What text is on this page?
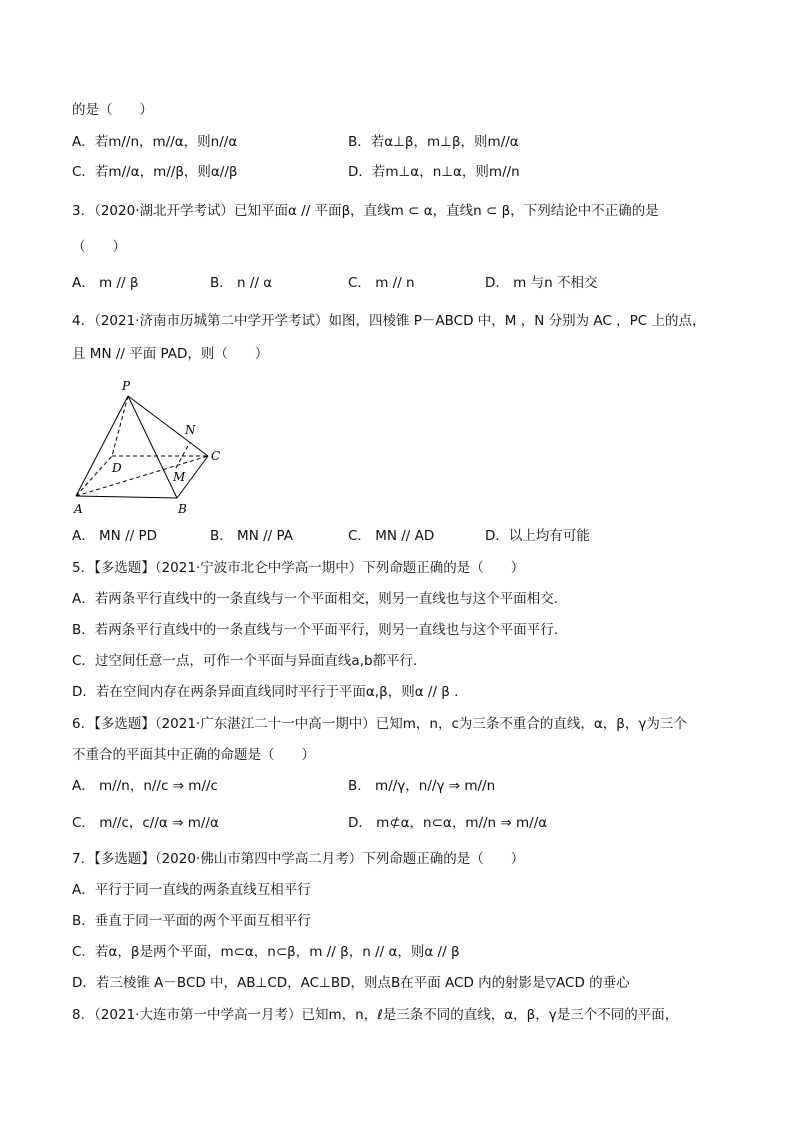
的是（　　）
A．若m//n，m//α，则n//α	B．若α⊥β，m⊥β，则m//α
C．若m//α，m//β，则α//β	D．若m⊥α，n⊥α，则m//n
3．（2020·湖北开学考试）已知平面α // 平面β，直线m ⊂ α，直线n ⊂ β，下列结论中不正确的是
（　　）
A． m // β	B． n // α	C． m // n	D． m 与n 不相交
4．（2021·济南市历城第二中学开学考试）如图，四棱锥 P－ABCD 中，M ，N 分别为 AC ，PC 上的点，
且 MN // 平面 PAD，则（　　）
P
N
D
C
M
A	B
A． MN // PD	B． MN // PA	C． MN // AD	D．以上均有可能
5．【多选题】（2021·宁波市北仑中学高一期中）下列命题正确的是（　　）
A．若两条平行直线中的一条直线与一个平面相交，则另一直线也与这个平面相交.
B．若两条平行直线中的一条直线与一个平面平行，则另一直线也与这个平面平行.
C．过空间任意一点，可作一个平面与异面直线a,b都平行.
D．若在空间内存在两条异面直线同时平行于平面α,β，则α // β .
6．【多选题】（2021·广东湛江二十一中高一期中）已知m，n，c为三条不重合的直线，α，β，γ为三个
不重合的平面其中正确的命题是（　　）
A． m//n，n//c ⇒ m//c	B． m//γ，n//γ ⇒ m//n
C． m//c，c//α ⇒ m//α	D． m⊄α，n⊂α，m//n ⇒ m//α
7．【多选题】（2020·佛山市第四中学高二月考）下列命题正确的是（　　）
A．平行于同一直线的两条直线互相平行
B．垂直于同一平面的两个平面互相平行
C．若α，β是两个平面，m⊂α，n⊂β，m // β，n // α，则α // β
D．若三棱锥 A－BCD 中，AB⊥CD，AC⊥BD，则点B在平面 ACD 内的射影是▽ACD 的垂心
8．（2021·大连市第一中学高一月考）已知m，n，ℓ是三条不同的直线，α，β，γ是三个不同的平面，
